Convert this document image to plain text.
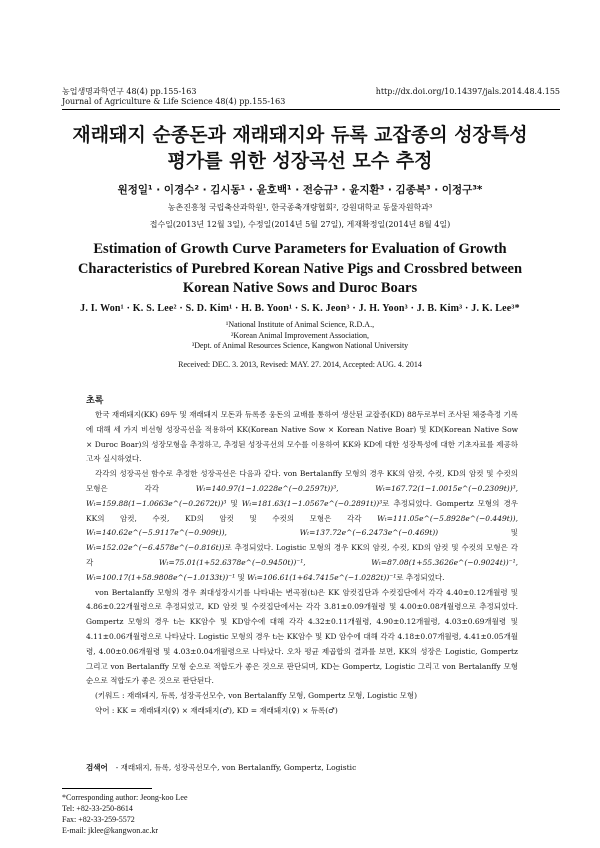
농업생명과학연구 48(4) pp.155-163	http://dx.doi.org/10.14397/jals.2014.48.4.155
Journal of Agriculture & Life Science 48(4) pp.155-163
재래돼지 순종돈과 재래돼지와 듀록 교잡종의 성장특성
평가를 위한 성장곡선 모수 추정
원정일¹ · 이경수² · 김시동¹ · 윤호백¹ · 전승규³ · 윤지환³ · 김종복³ · 이정구³*
농촌진흥청 국립축산과학원¹, 한국종축개량협회², 강원대학교 동물자원학과³
접수일(2013년 12월 3일), 수정일(2014년 5월 27일), 게재확정일(2014년 8월 4일)
Estimation of Growth Curve Parameters for Evaluation of Growth
Characteristics of Purebred Korean Native Pigs and Crossbred between
Korean Native Sows and Duroc Boars
J. I. Won¹ · K. S. Lee² · S. D. Kim¹ · H. B. Yoon¹ · S. K. Jeon³ · J. H. Yoon³ · J. B. Kim³ · J. K. Lee³*
¹National Institute of Animal Science, R.D.A.,
²Korean Animal Improvement Association,
³Dept. of Animal Resources Science, Kangwon National University
Received: DEC. 3. 2013, Revised: MAY. 27. 2014, Accepted: AUG. 4. 2014
초록

한국 재래돼지(KK) 69두 및 재래돼지 모돈과 듀록종 웅돈의 교배를 통하여 생산된 교잡종(KD) 88두로부터 조사된 체중측정 기록에 대해 세 가지 비선형 성장곡선을 적용하여 KK(Korean Native Sow × Korean Native Boar) 및 KD(Korean Native Sow × Duroc Boar)의 성장모형을 추정하고, 추정된 성장곡선의 모수를 이용하여 KK와 KD에 대한 성장특성에 대한 기초자료를 제공하고자 실시하였다.

각각의 성장곡선 함수로 추정한 성장곡선은 다음과 같다. von Bertalanffy 모형의 경우 KK의 암컷, 수컷, KD의 암컷 및 수컷의 모형은 각각	Wₜ=140.97(1−1.0228e^(−0.2597t))³,	Wₜ=167.72(1−1.0015e^(−0.2309t))³, Wₜ=159.88(1−1.0663e^(−0.2672t))³ 및 Wₜ=181.63(1−1.0567e^(−0.2891t))³로 추정되었다. Gompertz 모형의 경우 KK의 암컷, 수컷, KD의 암컷 및 수컷의 모형은 각각 Wₜ=111.05e^(−5.8928e^(−0.449t)), Wₜ=140.62e^(−5.9117e^(−0.909t)),	Wₜ=137.72e^(−6.2473e^(−0.469t))	및 Wₜ=152.02e^(−6.4578e^(−0.816t))로 추정되었다. Logistic 모형의 경우 KK의 암컷, 수컷, KD의 암컷 및 수컷의 모형은 각각	Wₜ=75.01(1+52.6378e^(−0.9450t))⁻¹,	Wₜ=87.08(1+55.3626e^(−0.9024t))⁻¹, Wₜ=100.17(1+58.9808e^(−1.0133t))⁻¹ 및 Wₜ=106.61(1+64.7415e^(−1.0282t))⁻¹로 추정되었다.

von Bertalanffy 모형의 경우 최대성장시기를 나타내는 변곡점(tᵢ)은 KK 암컷집단과 수컷집단에서 각각 4.40±0.12개월령 및 4.86±0.22개월령으로 추정되었고, KD 암컷 및 수컷집단에서는 각각 3.81±0.09개월령 및 4.00±0.08개월령으로 추정되었다. Gompertz 모형의 경우 tᵢ는 KK암수 및 KD암수에 대해 각각 4.32±0.11개월령, 4.90±0.12개월령, 4.03±0.69개월령 및 4.11±0.06개월령으로 나타났다. Logistic 모형의 경우 tᵢ는 KK암수 및 KD 암수에 대해 각각 4.18±0.07개월령, 4.41±0.05개월령, 4.00±0.06개월령 및 4.03±0.04개월령으로 나타났다. 오차 평균 제곱합의 결과를 보면, KK의 성장은 Logistic, Gompertz 그리고 von Bertalanffy 모형 순으로 적합도가 좋은 것으로 판단되며, KD는 Gompertz, Logistic 그리고 von Bertalanffy 모형 순으로 적합도가 좋은 것으로 판단된다.

(키워드 : 재래돼지, 듀록, 성장곡선모수, von Bertalanffy 모형, Gompertz 모형, Logistic 모형)

약어 : KK = 재래돼지(♀) × 재래돼지(♂), KD = 재래돼지(♀) × 듀록(♂)

검색어 - 재래돼지, 듀록, 성장곡선모수, von Bertalanffy, Gompertz, Logistic
*Corresponding author: Jeong-koo Lee
Tel: +82-33-250-8614
Fax: +82-33-259-5572
E-mail: jklee@kangwon.ac.kr
